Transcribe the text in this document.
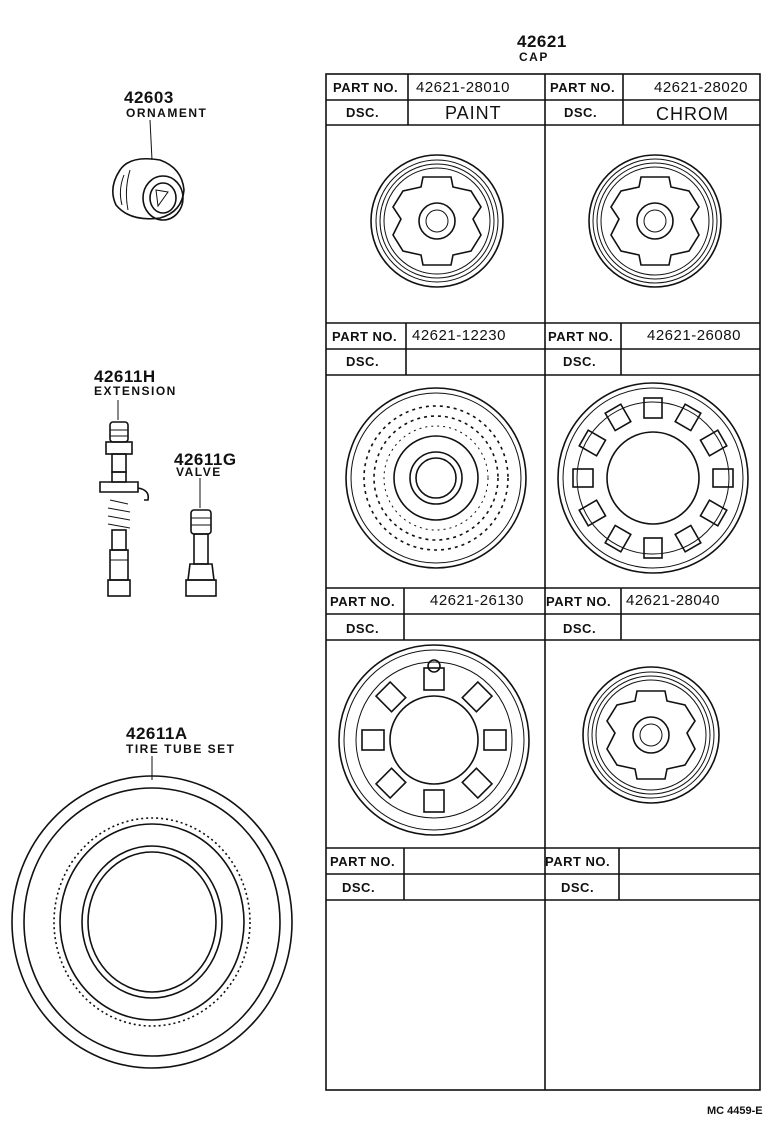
42603
ORNAMENT
42611H
EXTENSION
42611G
VALVE
42611A
TIRE TUBE SET
42621
CAP
PART NO. 42621-28010
DSC.	PAINT
PART NO.	42621-28020
DSC.	CHROM
PART NO. 42621-12230
DSC.
PART NO. 42621-26080
DSC.
PART NO. 42621-26130
DSC.
PART NO. 42621-28040
DSC.
PART NO.
DSC.
PART NO.
DSC.
MC 4459-E
